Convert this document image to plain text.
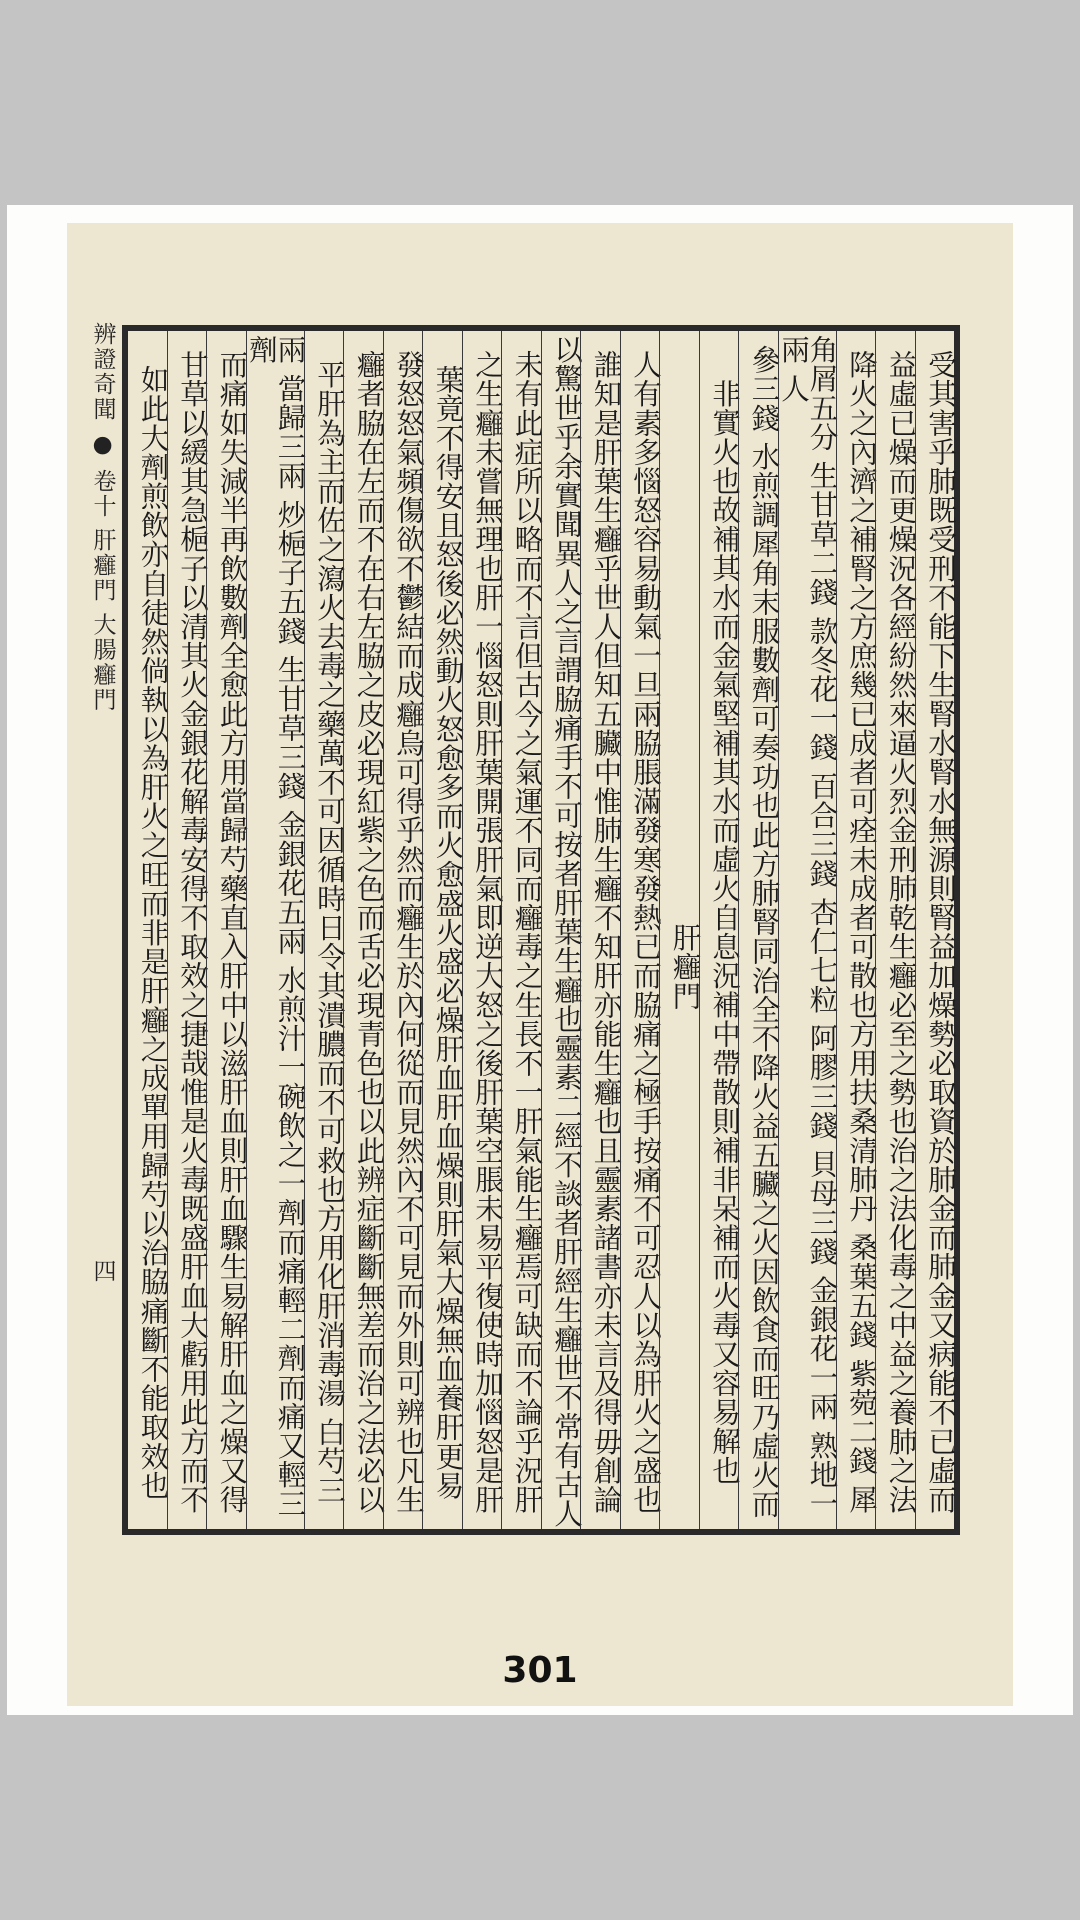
辨證奇聞 ● 卷十 肝癰門 大腸癰門
四	受其害乎肺既受刑不能下生腎水腎水無源則腎益加燥勢必取資於肺金而肺金又病能不已虛而
益虛已燥而更燥況各經紛然來逼火烈金刑肺乾生癰必至之勢也治之法化毒之中益之養肺之法
降火之內濟之補腎之方庶幾已成者可痊未成者可散也方用扶桑清肺丹 桑葉五錢 紫菀二錢 犀
角屑五分 生甘草二錢 款冬花一錢 百合三錢 杏仁七粒 阿膠三錢 貝母三錢 金銀花一兩 熟地一兩 人
參三錢 水煎調犀角末服數劑可奏功也此方肺腎同治全不降火益五臟之火因飲食而旺乃虛火而
非實火也故補其水而金氣堅補其水而虛火自息況補中帶散則補非呆補而火毒又容易解也
肝癰門
人有素多惱怒容易動氣一旦兩脇脹滿發寒發熱已而脇痛之極手按痛不可忍人以為肝火之盛也
誰知是肝葉生癰乎世人但知五臟中惟肺生癰不知肝亦能生癰也且靈素諸書亦未言及得毋創論
以驚世乎余實聞異人之言謂脇痛手不可按者肝葉生癰也靈素二經不談者肝經生癰世不常有古人
未有此症所以略而不言但古今之氣運不同而癰毒之生長不一肝氣能生癰焉可缺而不論乎況肝
之生癰未嘗無理也肝一惱怒則肝葉開張肝氣即逆大怒之後肝葉空脹未易平復使時加惱怒是肝
葉竟不得安且怒後必然動火怒愈多而火愈盛火盛必燥肝血肝血燥則肝氣大燥無血養肝更易
發怒怒氣頻傷欲不鬱結而成癰烏可得乎然而癰生於內何從而見然內不可見而外則可辨也凡生
癰者脇在左而不在右左脇之皮必現紅紫之色而舌必現青色也以此辨症斷斷無差而治之法必以
平肝為主而佐之瀉火去毒之藥萬不可因循時日令其潰膿而不可救也方用化肝消毒湯 白芍三
兩 當歸三兩 炒梔子五錢 生甘草三錢 金銀花五兩 水煎汁一碗飲之一劑而痛輕二劑而痛又輕三劑
而痛如失減半再飲數劑全愈此方用當歸芍藥直入肝中以滋肝血則肝血驟生易解肝血之燥又得
甘草以緩其急梔子以清其火金銀花解毒安得不取效之捷哉惟是火毒既盛肝血大虧用此方而不
如此大劑煎飲亦自徒然倘執以為肝火之旺而非是肝癰之成單用歸芍以治脇痛斷不能取效也
301
